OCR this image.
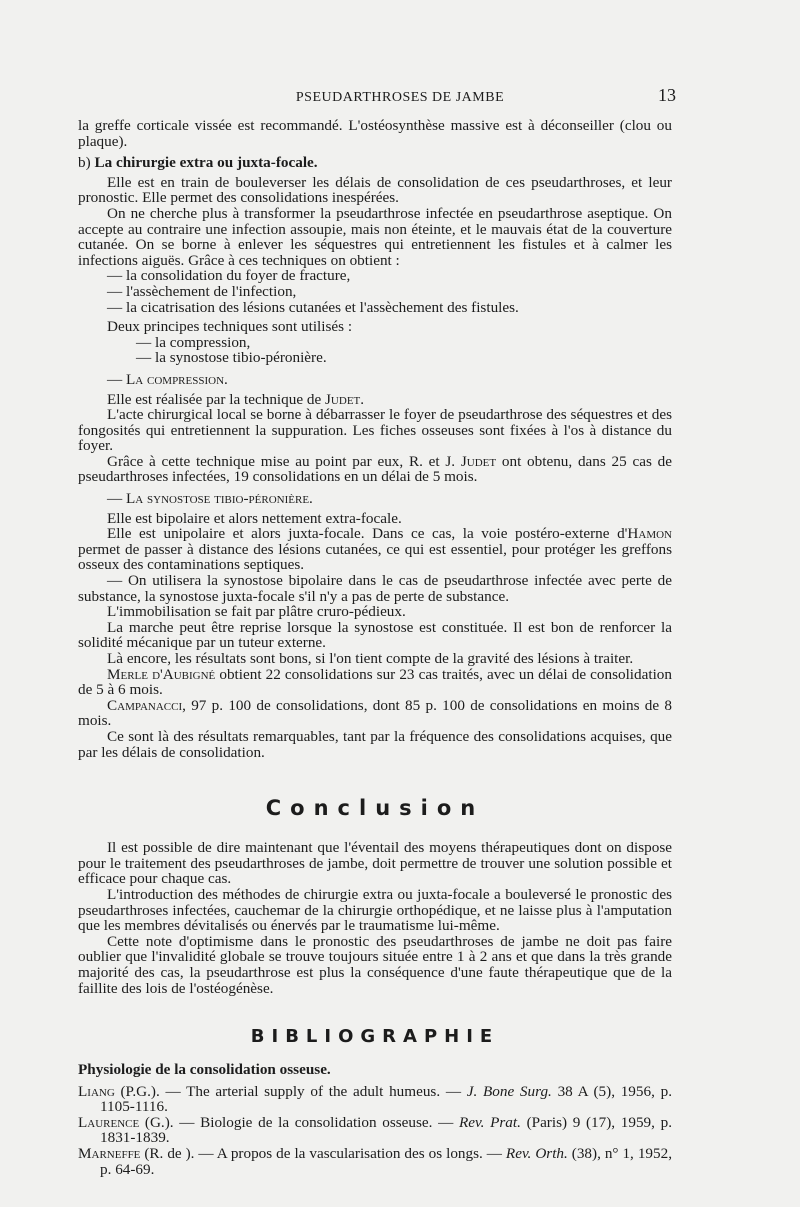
PSEUDARTHROSES DE JAMBE	13

la greffe corticale vissée est recommandé. L'ostéosynthèse massive est à déconseiller (clou ou plaque).

b) La chirurgie extra ou juxta-focale.

Elle est en train de bouleverser les délais de consolidation de ces pseudarthroses, et leur pronostic. Elle permet des consolidations inespérées.

On ne cherche plus à transformer la pseudarthrose infectée en pseudarthrose aseptique. On accepte au contraire une infection assoupie, mais non éteinte, et le mauvais état de la couverture cutanée. On se borne à enlever les séquestres qui entretiennent les fistules et à calmer les infections aiguës. Grâce à ces techniques on obtient :

— la consolidation du foyer de fracture,

— l'assèchement de l'infection,

— la cicatrisation des lésions cutanées et l'assèchement des fistules.

Deux principes techniques sont utilisés :

— la compression,

— la synostose tibio-péronière.

— La compression.

Elle est réalisée par la technique de Judet.

L'acte chirurgical local se borne à débarrasser le foyer de pseudarthrose des séquestres et des fongosités qui entretiennent la suppuration. Les fiches osseuses sont fixées à l'os à distance du foyer.

Grâce à cette technique mise au point par eux, R. et J. Judet ont obtenu, dans 25 cas de pseudarthroses infectées, 19 consolidations en un délai de 5 mois.

— La synostose tibio-péronière.

Elle est bipolaire et alors nettement extra-focale.

Elle est unipolaire et alors juxta-focale. Dans ce cas, la voie postéro-externe d'Hamon permet de passer à distance des lésions cutanées, ce qui est essentiel, pour protéger les greffons osseux des contaminations septiques.

— On utilisera la synostose bipolaire dans le cas de pseudarthrose infectée avec perte de substance, la synostose juxta-focale s'il n'y a pas de perte de substance.

L'immobilisation se fait par plâtre cruro-pédieux.

La marche peut être reprise lorsque la synostose est constituée. Il est bon de renforcer la solidité mécanique par un tuteur externe.

Là encore, les résultats sont bons, si l'on tient compte de la gravité des lésions à traiter.

Merle d'Aubigné obtient 22 consolidations sur 23 cas traités, avec un délai de consolidation de 5 à 6 mois.

Campanacci, 97 p. 100 de consolidations, dont 85 p. 100 de consolidations en moins de 8 mois.

Ce sont là des résultats remarquables, tant par la fréquence des consolidations acquises, que par les délais de consolidation.

Conclusion

Il est possible de dire maintenant que l'éventail des moyens thérapeutiques dont on dispose pour le traitement des pseudarthroses de jambe, doit permettre de trouver une solution possible et efficace pour chaque cas.

L'introduction des méthodes de chirurgie extra ou juxta-focale a bouleversé le pronostic des pseudarthroses infectées, cauchemar de la chirurgie orthopédique, et ne laisse plus à l'amputation que les membres dévitalisés ou énervés par le traumatisme lui-même.

Cette note d'optimisme dans le pronostic des pseudarthroses de jambe ne doit pas faire oublier que l'invalidité globale se trouve toujours située entre 1 à 2 ans et que dans la très grande majorité des cas, la pseudarthrose est plus la conséquence d'une faute thérapeutique que de la faillite des lois de l'ostéogénèse.

BIBLIOGRAPHIE

Physiologie de la consolidation osseuse.

Liang (P.G.). — The arterial supply of the adult humeus. — J. Bone Surg. 38 A (5), 1956, p. 1105-1116.

Laurence (G.). — Biologie de la consolidation osseuse. — Rev. Prat. (Paris) 9 (17), 1959, p. 1831-1839.

Marneffe (R. de ). — A propos de la vascularisation des os longs. — Rev. Orth. (38), n° 1, 1952, p. 64-69.
